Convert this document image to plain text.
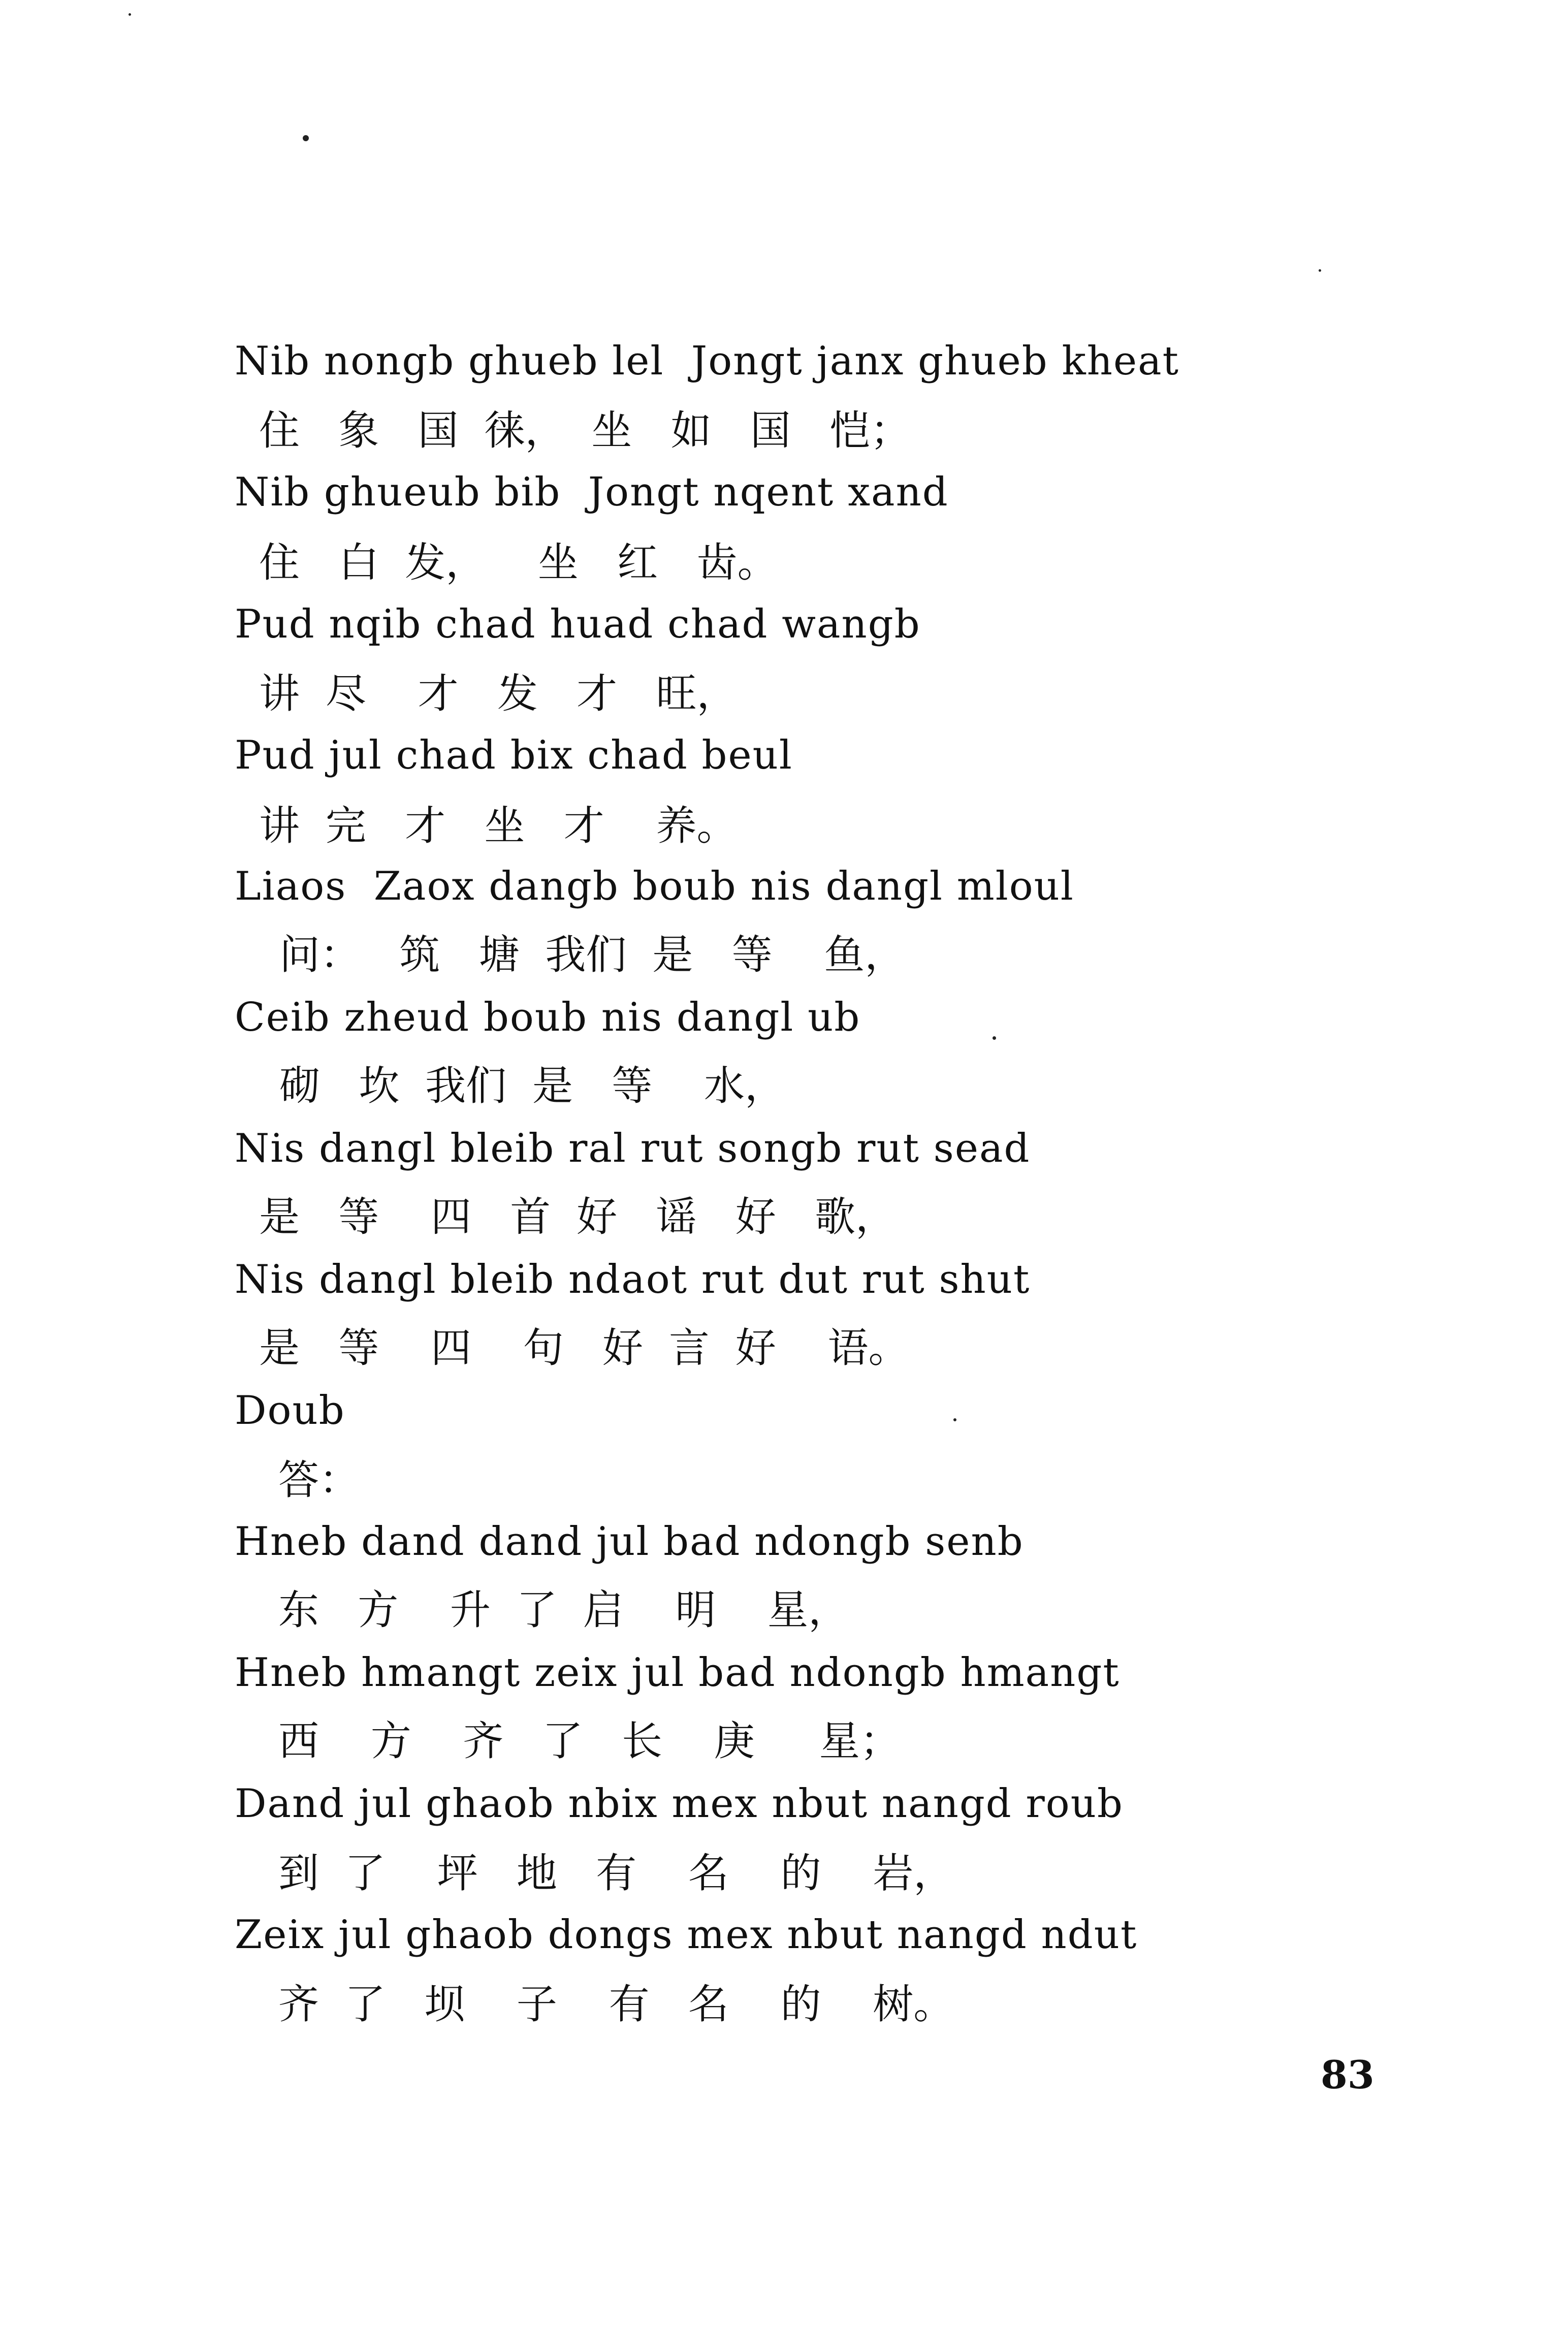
Nib nongb ghueb lel  Jongt janx ghueb kheat
住   象   国  徕，  坐   如   国   恺；
Nib ghueub bib  Jongt nqent xand
住   白  发，    坐   红   齿。
Pud nqib chad huad chad wangb
讲  尽    才   发   才   旺，
Pud jul chad bix chad beul
讲  完   才   坐   才    养。
Liaos  Zaox dangb boub nis dangl mloul
问：   筑   塘  我们  是   等    鱼，
Ceib zheud boub nis dangl ub
砌   坎  我们  是   等    水，
Nis dangl bleib ral rut songb rut sead
是   等    四   首  好   谣   好   歌，
Nis dangl bleib ndaot rut dut rut shut
是   等    四    句   好  言  好    语。
Doub
答：
Hneb dand dand jul bad ndongb senb
东   方    升  了  启    明    星，
Hneb hmangt zeix jul bad ndongb hmangt
西    方    齐   了   长    庚     星；
Dand jul ghaob nbix mex nbut nangd roub
到  了    坪   地   有    名    的    岩，
Zeix jul ghaob dongs mex nbut nangd ndut
齐  了   坝    子    有   名    的    树。
83
